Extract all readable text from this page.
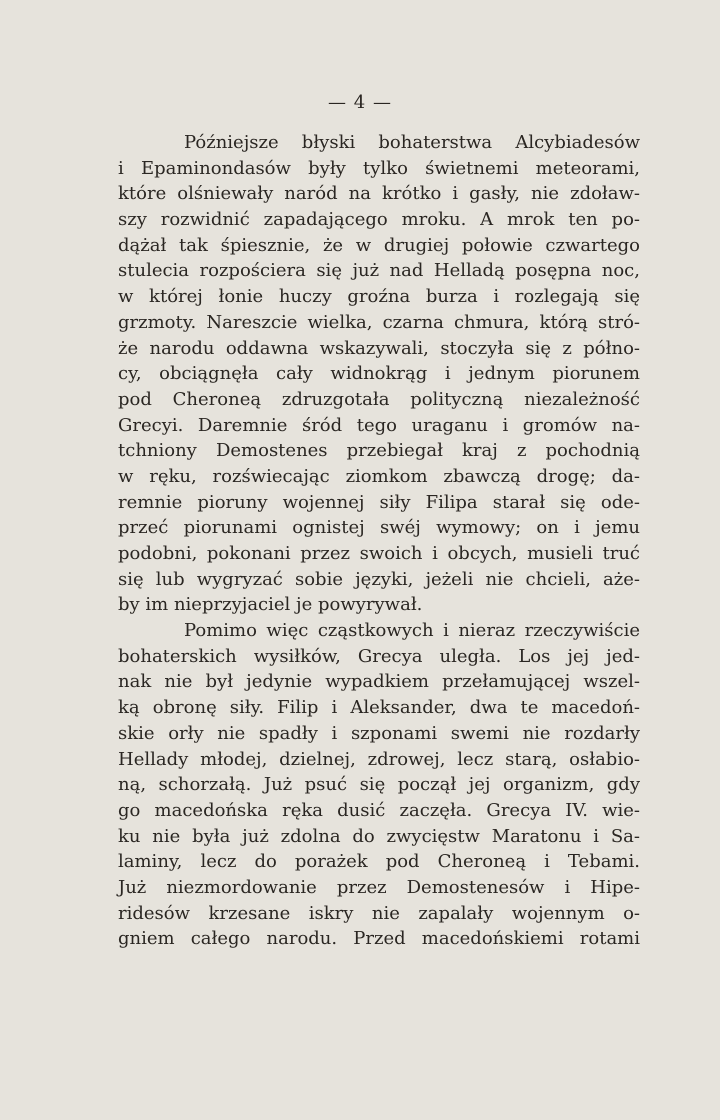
— 4 —
Późniejsze błyski bohaterstwa Alcybiadesów
i Epaminondasów były tylko świetnemi meteorami,
które olśniewały naród na krótko i gasły, nie zdoław-
szy rozwidnić zapadającego mroku. A mrok ten po-
dążał tak śpiesznie, że w drugiej połowie czwartego
stulecia rozpościera się już nad Helladą posępna noc,
w której łonie huczy groźna burza i rozlegają się
grzmoty. Nareszcie wielka, czarna chmura, którą stró-
że narodu oddawna wskazywali, stoczyła się z półno-
cy, obciągnęła cały widnokrąg i jednym piorunem
pod Cheroneą zdruzgotała polityczną niezależność
Grecyi. Daremnie śród tego uraganu i gromów na-
tchniony Demostenes przebiegał kraj z pochodnią
w ręku, rozświecając ziomkom zbawczą drogę; da-
remnie pioruny wojennej siły Filipa starał się ode-
przeć piorunami ognistej swéj wymowy; on i jemu
podobni, pokonani przez swoich i obcych, musieli truć
się lub wygryzać sobie języki, jeżeli nie chcieli, aże-
by im nieprzyjaciel je powyrywał.
Pomimo więc cząstkowych i nieraz rzeczywiście
bohaterskich wysiłków, Grecya uległa. Los jej jed-
nak nie był jedynie wypadkiem przełamującej wszel-
ką obronę siły. Filip i Aleksander, dwa te macedoń-
skie orły nie spadły i szponami swemi nie rozdarły
Hellady młodej, dzielnej, zdrowej, lecz starą, osłabio-
ną, schorzałą. Już psuć się począł jej organizm, gdy
go macedońska ręka dusić zaczęła. Grecya IV. wie-
ku nie była już zdolna do zwycięstw Maratonu i Sa-
laminy, lecz do porażek pod Cheroneą i Tebami.
Już niezmordowanie przez Demostenesów i Hipe-
ridesów krzesane iskry nie zapalały wojennym o-
gniem całego narodu. Przed macedońskiemi rotami
